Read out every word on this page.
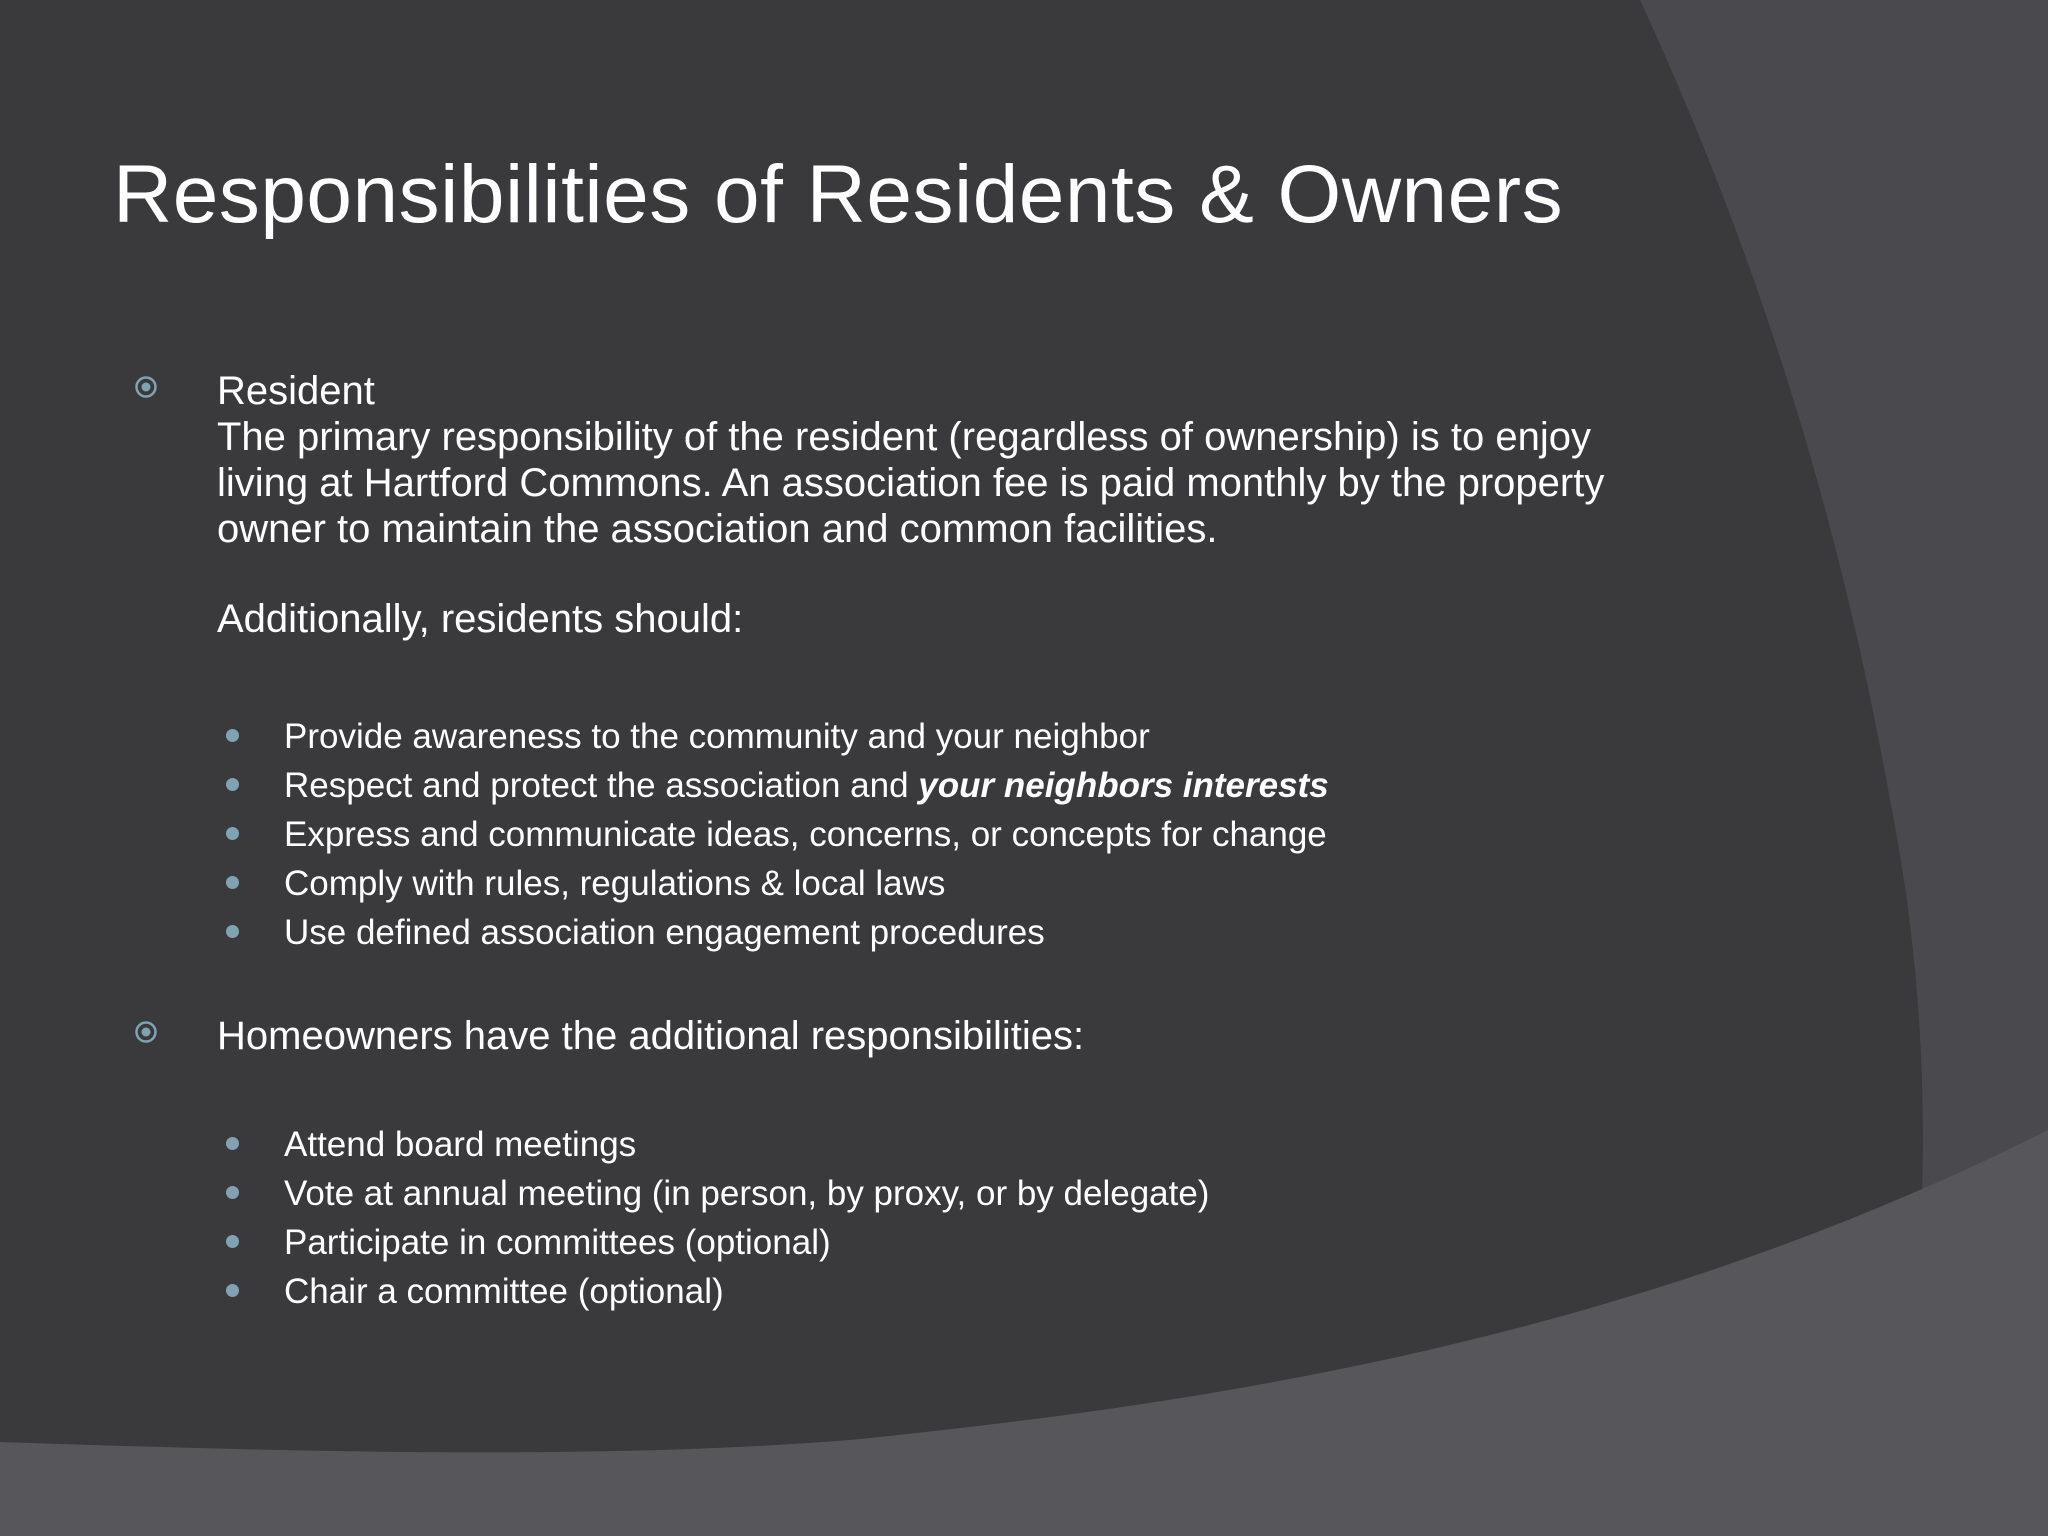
Responsibilities of Residents & Owners

Resident

The primary responsibility of the resident (regardless of ownership) is to enjoy
living at Hartford Commons. An association fee is paid monthly by the property
owner to maintain the association and common facilities.

Additionally, residents should:

Provide awareness to the community and your neighbor
Respect and protect the association and your neighbors interests
Express and communicate ideas, concerns, or concepts for change
Comply with rules, regulations & local laws
Use defined association engagement procedures

Homeowners have the additional responsibilities:

Attend board meetings
Vote at annual meeting (in person, by proxy, or by delegate)
Participate in committees (optional)
Chair a committee (optional)
